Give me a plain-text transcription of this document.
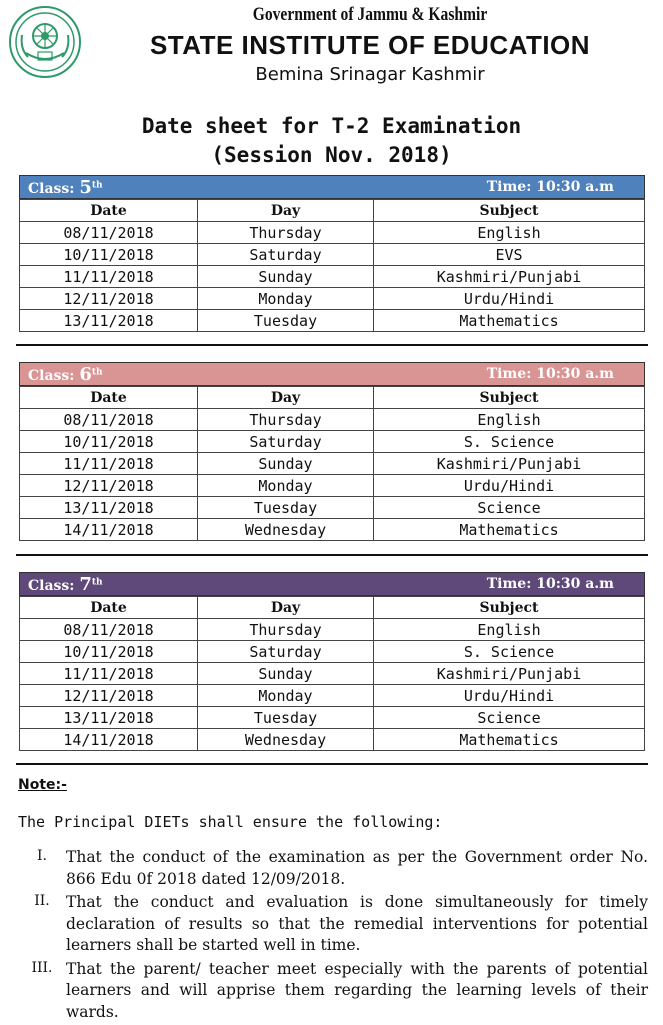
Government of Jammu & Kashmir
STATE INSTITUTE OF EDUCATION
Bemina Srinagar Kashmir
Date sheet for T-2 Examination
(Session Nov. 2018)
Class: 5th	Time: 10:30 a.m
Date	Day	Subject
08/11/2018	Thursday	English
10/11/2018	Saturday	EVS
11/11/2018	Sunday	Kashmiri/Punjabi
12/11/2018	Monday	Urdu/Hindi
13/11/2018	Tuesday	Mathematics
Class: 6th	Time: 10:30 a.m
Date	Day	Subject
08/11/2018	Thursday	English
10/11/2018	Saturday	S. Science
11/11/2018	Sunday	Kashmiri/Punjabi
12/11/2018	Monday	Urdu/Hindi
13/11/2018	Tuesday	Science
14/11/2018	Wednesday	Mathematics
Class: 7th	Time: 10:30 a.m
Date	Day	Subject
08/11/2018	Thursday	English
10/11/2018	Saturday	S. Science
11/11/2018	Sunday	Kashmiri/Punjabi
12/11/2018	Monday	Urdu/Hindi
13/11/2018	Tuesday	Science
14/11/2018	Wednesday	Mathematics
Note:-
The Principal DIETs shall ensure the following:
I.	That the conduct of the examination as per the Government order No. 866 Edu 0f 2018 dated 12/09/2018.
II.	That the conduct and evaluation is done simultaneously for timely declaration of results so that the remedial interventions for potential learners shall be started well in time.
III. That the parent/ teacher meet especially with the parents of potential learners and will apprise them regarding the learning levels of their wards.
